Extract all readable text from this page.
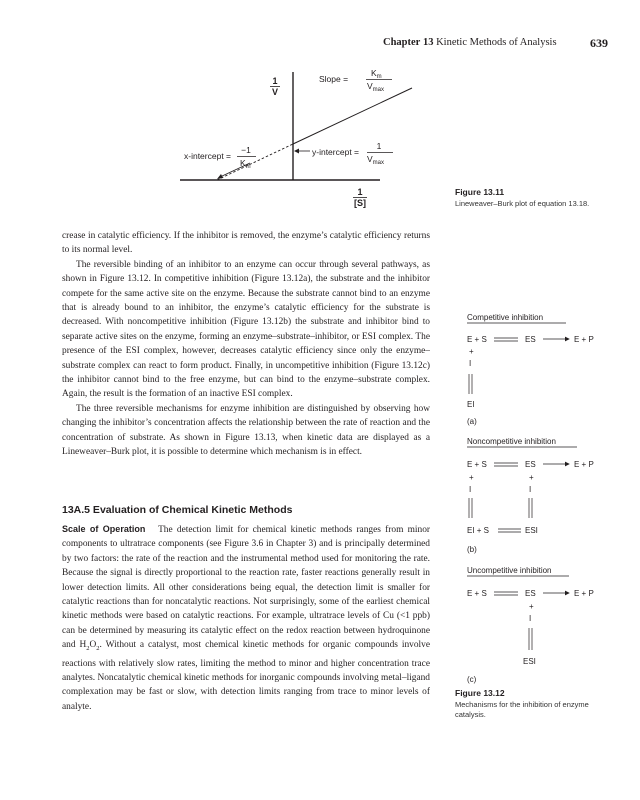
Chapter 13 Kinetic Methods of Analysis	639
1
V
1
[S]
Slope =
$K_m$
$V_{max}$
x-intercept =
−1
$K_m$
y-intercept =
1
$V_{max}$
Figure 13.11
Lineweaver–Burk plot of equation 13.18.

crease in catalytic efficiency. If the inhibitor is removed, the enzyme’s catalytic efficiency returns to its normal level.

The reversible binding of an inhibitor to an enzyme can occur through several pathways, as shown in Figure 13.12. In competitive inhibition (Figure 13.12a), the substrate and the inhibitor compete for the same active site on the enzyme. Because the substrate cannot bind to an enzyme that is already bound to an inhibitor, the enzyme’s catalytic efficiency for the substrate is decreased. With noncompetitive inhibition (Figure 13.12b) the substrate and inhibitor bind to separate active sites on the enzyme, forming an enzyme–substrate–inhibitor, or ESI complex. The presence of the ESI complex, however, decreases catalytic efficiency since only the enzyme–substrate complex can react to form product. Finally, in uncompetitive inhibition (Figure 13.12c) the inhibitor cannot bind to the free enzyme, but can bind to the enzyme–substrate complex. Again, the result is the formation of an inactive ESI complex.

The three reversible mechanisms for enzyme inhibition are distinguished by observing how changing the inhibitor’s concentration affects the relationship between the rate of reaction and the concentration of substrate. As shown in Figure 13.13, when kinetic data are displayed as a Lineweaver–Burk plot, it is possible to determine which mechanism is in effect.

13A.5 Evaluation of Chemical Kinetic Methods

Scale of Operation The detection limit for chemical kinetic methods ranges from minor components to ultratrace components (see Figure 3.6 in Chapter 3) and is principally determined by two factors: the rate of the reaction and the instrumental method used for monitoring the rate. Because the signal is directly proportional to the reaction rate, faster reactions generally result in lower detection limits. All other considerations being equal, the detection limit is smaller for catalytic reactions than for noncatalytic reactions. Not surprisingly, some of the earliest chemical kinetic methods were based on catalytic reactions. For example, ultratrace levels of Cu (<1 ppb) can be determined by measuring its catalytic effect on the redox reaction between hydroquinone and $H_2O_2$. Without a catalyst, most chemical kinetic methods for organic compounds involve reactions with relatively slow rates, limiting the method to minor and higher concentration trace analytes. Noncatalytic chemical kinetic methods for inorganic compounds involving metal–ligand complexation may be fast or slow, with detection limits ranging from trace to minor levels of analyte.

Competitive inhibition
E + S	ES	E + P
+
I
EI
(a)
Noncompetitive inhibition
E + S	ES	E + P
+	+
I	I
EI + S	ESI
(b)
Uncompetitive inhibition
E + S	ES	E + P
+
I
ESI
(c)
Figure 13.12
Mechanisms for the inhibition of enzyme catalysis.
